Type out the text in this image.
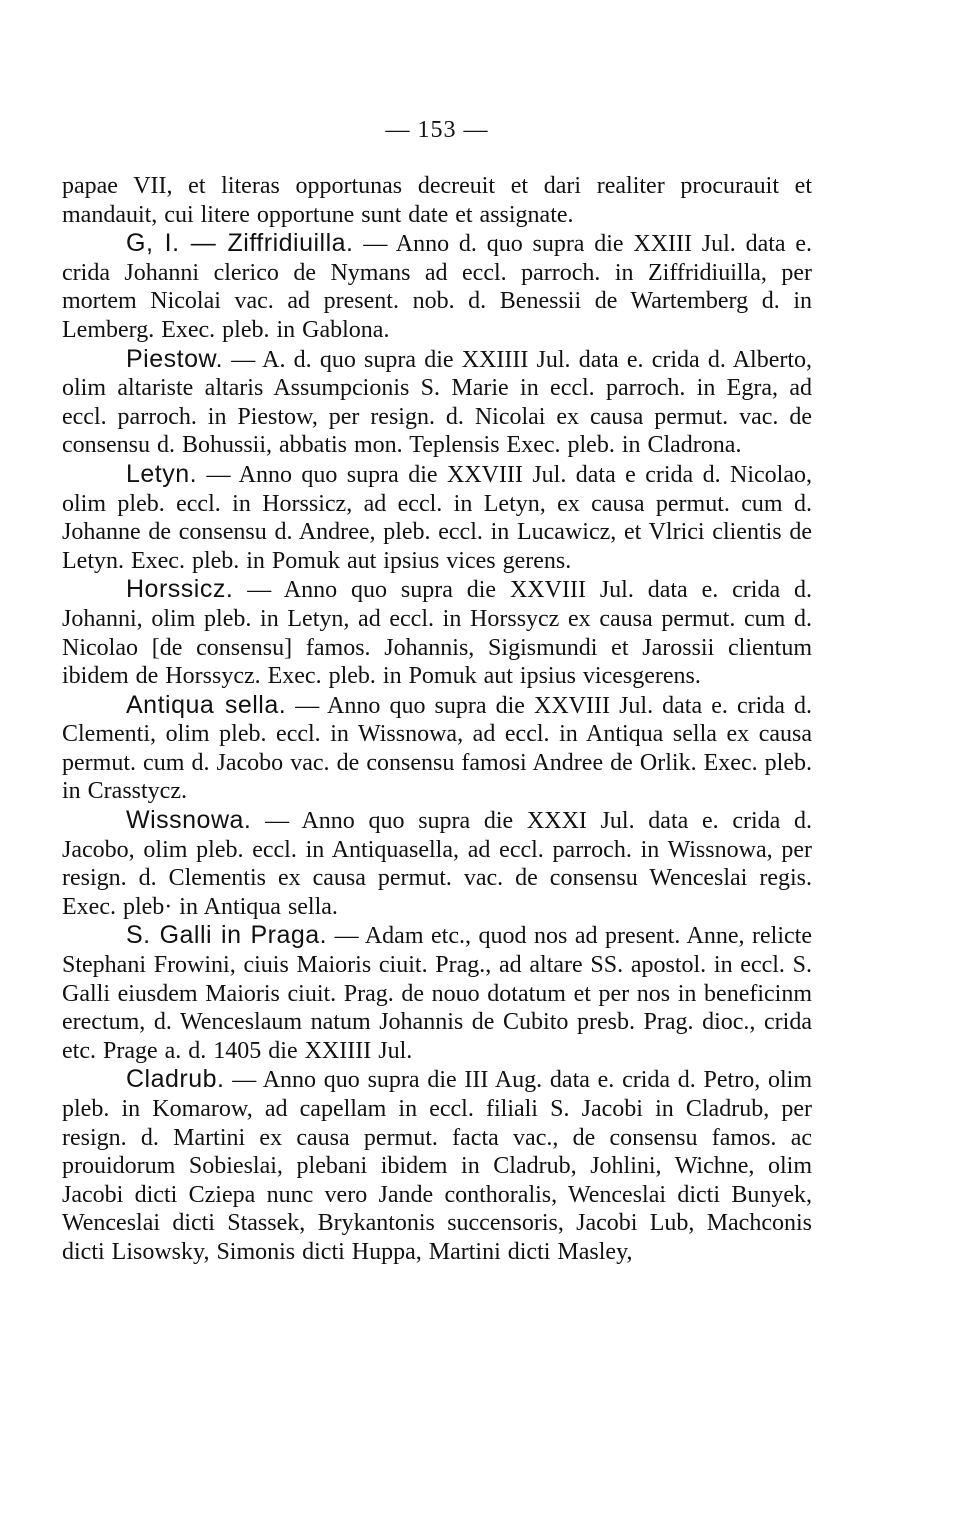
— 153 —

papae VII, et literas opportunas decreuit et dari realiter procurauit et mandauit, cui litere opportune sunt date et assignate.

G, I. — Ziffridiuilla. — Anno d. quo supra die XXIII Jul. data e. crida Johanni clerico de Nymans ad eccl. parroch. in Ziffridiuilla, per mortem Nicolai vac. ad present. nob. d. Benessii de Wartemberg d. in Lemberg. Exec. pleb. in Gablona.

Piestow. — A. d. quo supra die XXIIII Jul. data e. crida d. Alberto, olim altariste altaris Assumpcionis S. Marie in eccl. parroch. in Egra, ad eccl. parroch. in Piestow, per resign. d. Nicolai ex causa permut. vac. de consensu d. Bohussii, abbatis mon. Teplensis Exec. pleb. in Cladrona.

Letyn. — Anno quo supra die XXVIII Jul. data e crida d. Nicolao, olim pleb. eccl. in Horssicz, ad eccl. in Letyn, ex causa permut. cum d. Johanne de consensu d. Andree, pleb. eccl. in Lucawicz, et Vlrici clientis de Letyn. Exec. pleb. in Pomuk aut ipsius vices gerens.

Horssicz. — Anno quo supra die XXVIII Jul. data e. crida d. Johanni, olim pleb. in Letyn, ad eccl. in Horssycz ex causa permut. cum d. Nicolao [de consensu] famos. Johannis, Sigismundi et Jarossii clientum ibidem de Horssycz. Exec. pleb. in Pomuk aut ipsius vicesgerens.

Antiqua sella. — Anno quo supra die XXVIII Jul. data e. crida d. Clementi, olim pleb. eccl. in Wissnowa, ad eccl. in Antiqua sella ex causa permut. cum d. Jacobo vac. de consensu famosi Andree de Orlik. Exec. pleb. in Crasstycz.

Wissnowa. — Anno quo supra die XXXI Jul. data e. crida d. Jacobo, olim pleb. eccl. in Antiquasella, ad eccl. parroch. in Wissnowa, per resign. d. Clementis ex causa permut. vac. de consensu Wenceslai regis. Exec. pleb· in Antiqua sella.

S. Galli in Praga. — Adam etc., quod nos ad present. Anne, relicte Stephani Frowini, ciuis Maioris ciuit. Prag., ad altare SS. apostol. in eccl. S. Galli eiusdem Maioris ciuit. Prag. de nouo dotatum et per nos in beneficinm erectum, d. Wenceslaum natum Johannis de Cubito presb. Prag. dioc., crida etc. Prage a. d. 1405 die XXIIII Jul.

Cladrub. — Anno quo supra die III Aug. data e. crida d. Petro, olim pleb. in Komarow, ad capellam in eccl. filiali S. Jacobi in Cladrub, per resign. d. Martini ex causa permut. facta vac., de consensu famos. ac prouidorum Sobieslai, plebani ibidem in Cladrub, Johlini, Wichne, olim Jacobi dicti Cziepa nunc vero Jande conthoralis, Wenceslai dicti Bunyek, Wenceslai dicti Stassek, Brykantonis succensoris, Jacobi Lub, Machconis dicti Lisowsky, Simonis dicti Huppa, Martini dicti Masley,
